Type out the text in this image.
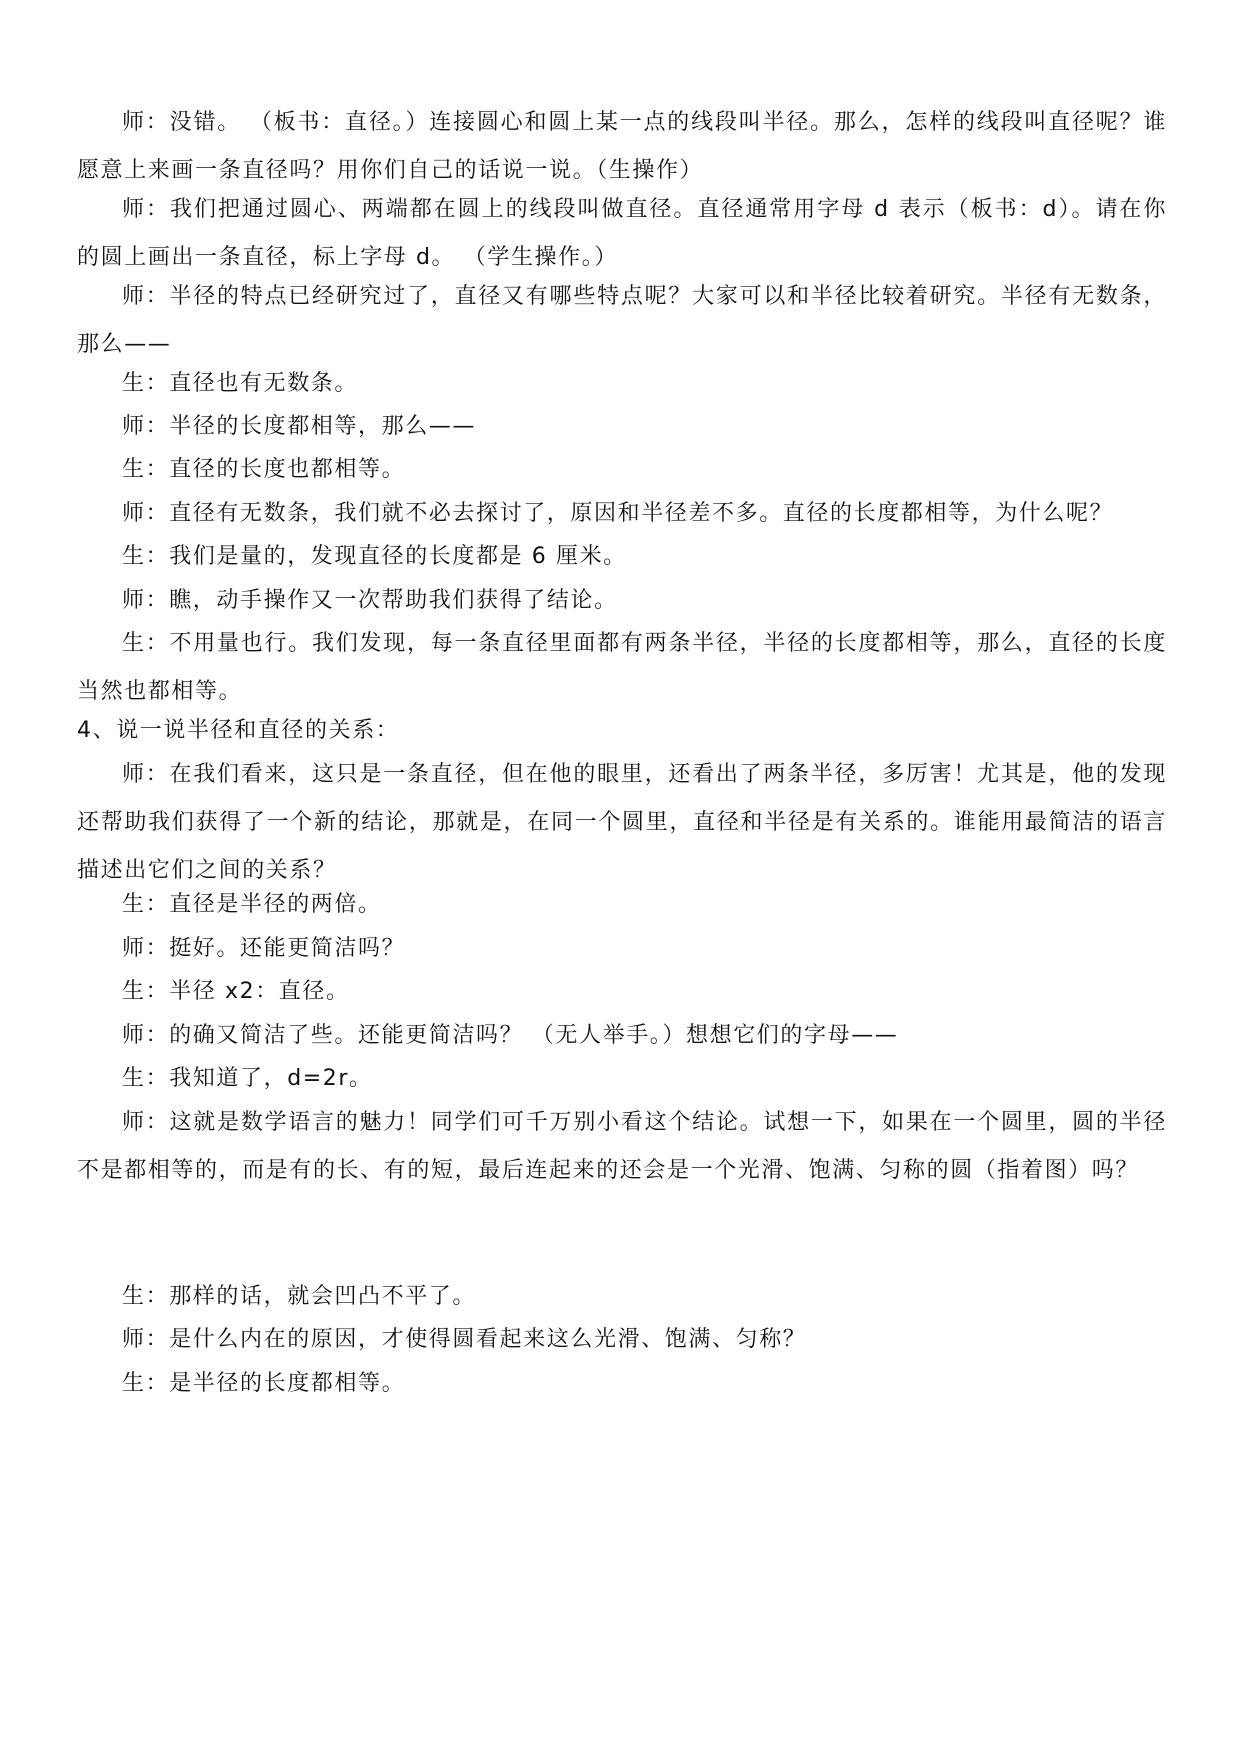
师：没错。 （板书：直径。）连接圆心和圆上某一点的线段叫半径。那么，怎样的线段叫直径呢？谁愿意上来画一条直径吗？用你们自己的话说一说。（生操作）

师：我们把通过圆心、两端都在圆上的线段叫做直径。直径通常用字母 d 表示（板书：d）。请在你的圆上画出一条直径，标上字母 d。 （学生操作。）

师：半径的特点已经研究过了，直径又有哪些特点呢？大家可以和半径比较着研究。半径有无数条，那么——

生：直径也有无数条。

师：半径的长度都相等，那么——

生：直径的长度也都相等。

师：直径有无数条，我们就不必去探讨了，原因和半径差不多。直径的长度都相等，为什么呢？

生：我们是量的，发现直径的长度都是 6 厘米。

师：瞧，动手操作又一次帮助我们获得了结论。

生：不用量也行。我们发现，每一条直径里面都有两条半径，半径的长度都相等，那么，直径的长度当然也都相等。

4、说一说半径和直径的关系：

师：在我们看来，这只是一条直径，但在他的眼里，还看出了两条半径，多厉害！尤其是，他的发现还帮助我们获得了一个新的结论，那就是，在同一个圆里，直径和半径是有关系的。谁能用最简洁的语言描述出它们之间的关系？

生：直径是半径的两倍。

师：挺好。还能更简洁吗？

生：半径 x2：直径。

师：的确又简洁了些。还能更简洁吗？ （无人举手。）想想它们的字母——

生：我知道了，d=2r。

师：这就是数学语言的魅力！同学们可千万别小看这个结论。试想一下，如果在一个圆里，圆的半径不是都相等的，而是有的长、有的短，最后连起来的还会是一个光滑、饱满、匀称的圆（指着图）吗？

生：那样的话，就会凹凸不平了。

师：是什么内在的原因，才使得圆看起来这么光滑、饱满、匀称？

生：是半径的长度都相等。
